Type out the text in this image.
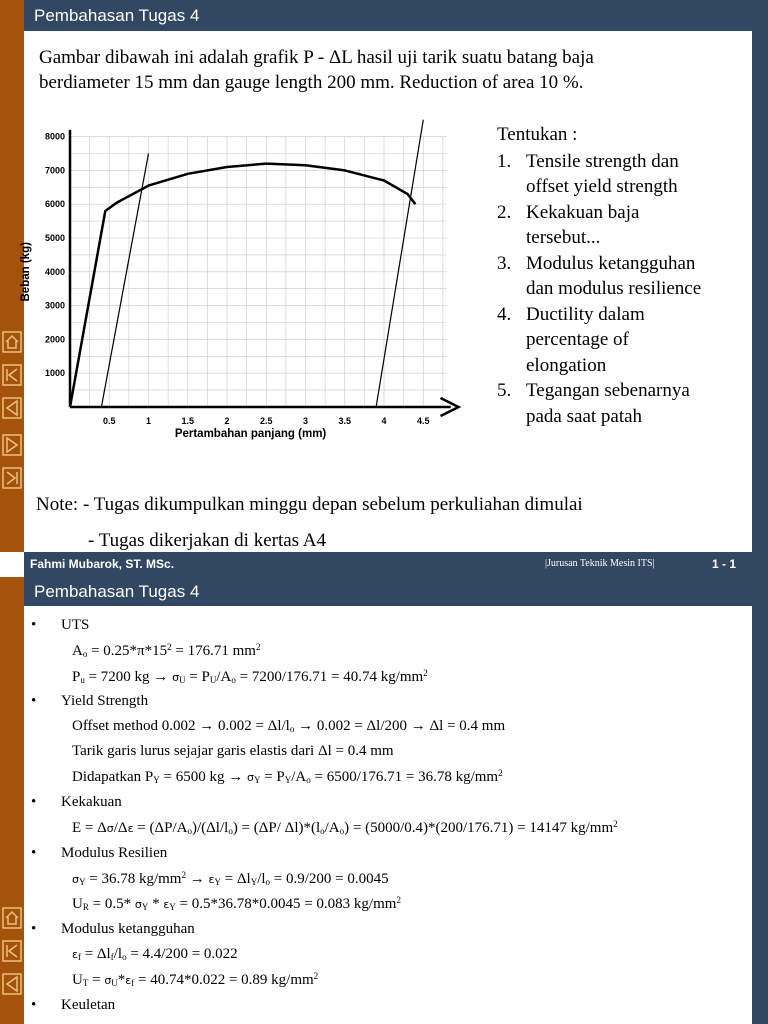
Pembahasan Tugas 4
Gambar dibawah ini adalah grafik P - ΔL hasil uji tarik suatu batang baja
berdiameter 15 mm dan gauge length 200 mm. Reduction of area 10 %.
0.5	1	1.5	2	2.5	3	3.5	4	4.5
1000
2000
3000
4000
5000
6000
7000
8000
Pertambahan panjang (mm)
Beban (kg)
Tentukan :
1. Tensile strength dan
offset yield strength
2. Kekakuan baja
tersebut...
3. Modulus ketangguhan
dan modulus resilience
4. Ductility dalam
percentage of
elongation
5. Tegangan sebenarnya
pada saat patah
Note: - Tugas dikumpulkan minggu depan sebelum perkuliahan dimulai
- Tugas dikerjakan di kertas A4
Fahmi Mubarok, ST. MSc.	|Jurusan Teknik Mesin ITS|	1 - 1
Pembahasan Tugas 4
• UTS
$A_o = 0.25*\pi*15^2 = 176.71$ $mm^2$
$P_u = 7200$ kg → $\sigma_U = P_U/A_o = 7200/176.71 = 40.74$ $kg/mm^2$
• Yield Strength
Offset method $0.002 \to 0.002 = \Delta l/l_o \to 0.002 = \Delta l/200 \to \Delta l = 0.4$ mm
Tarik garis lurus sejajar garis elastis dari Δl = 0.4 mm
Didapatkan $P_Y = 6500$ kg → $\sigma_Y = P_Y/A_o = 6500/176.71 = 36.78$ $kg/mm^2$
• Kekakuan
$E = \Delta\sigma/\Delta\varepsilon = (\Delta P/A_o)/(\Delta l/l_o) = (\Delta P/$ $\Delta l)*(l_o/A_o) = (5000/0.4)*(200/176.71) = 14147$ $kg/mm^2$
• Modulus Resilien
$\sigma_Y = 36.78$ $kg/mm^2 \to \varepsilon_Y = \Delta l_Y/l_o = 0.9/200 = 0.0045$
$U_R = 0.5*$ $\sigma_Y * \varepsilon_Y = 0.5*36.78*0.0045 = 0.083$ $kg/mm^2$
• Modulus ketangguhan
$\varepsilon_f = \Delta l_f/l_o = 4.4/200 = 0.022$
$U_T = \sigma_U*\varepsilon_f = 40.74*0.022 = 0.89$ $kg/mm^2$
• Keuletan
